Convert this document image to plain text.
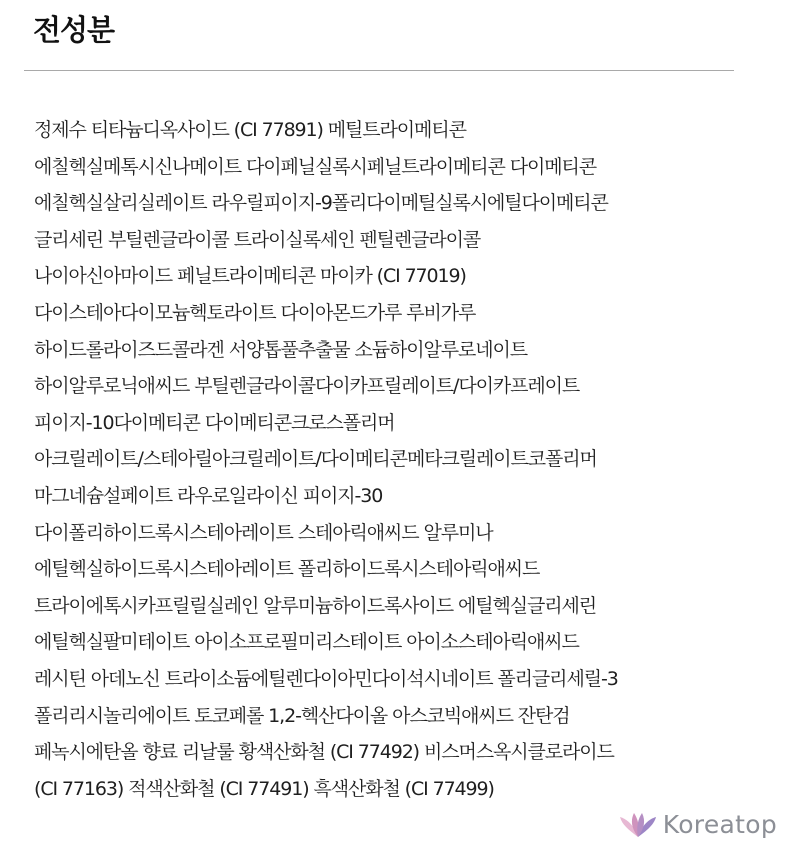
전성분
정제수 티타늄디옥사이드 (CI 77891) 메틸트라이메티콘
에칠헥실메톡시신나메이트 다이페닐실록시페닐트라이메티콘 다이메티콘
에칠헥실살리실레이트 라우릴피이지-9폴리다이메틸실록시에틸다이메티콘
글리세린 부틸렌글라이콜 트라이실록세인 펜틸렌글라이콜
나이아신아마이드 페닐트라이메티콘 마이카 (CI 77019)
다이스테아다이모늄헥토라이트 다이아몬드가루 루비가루
하이드롤라이즈드콜라겐 서양톱풀추출물 소듐하이알루로네이트
하이알루로닉애씨드 부틸렌글라이콜다이카프릴레이트/다이카프레이트
피이지-10다이메티콘 다이메티콘크로스폴리머
아크릴레이트/스테아릴아크릴레이트/다이메티콘메타크릴레이트코폴리머
마그네슘설페이트 라우로일라이신 피이지-30
다이폴리하이드록시스테아레이트 스테아릭애씨드 알루미나
에틸헥실하이드록시스테아레이트 폴리하이드록시스테아릭애씨드
트라이에톡시카프릴릴실레인 알루미늄하이드록사이드 에틸헥실글리세린
에틸헥실팔미테이트 아이소프로필미리스테이트 아이소스테아릭애씨드
레시틴 아데노신 트라이소듐에틸렌다이아민다이석시네이트 폴리글리세릴-3
폴리리시놀리에이트 토코페롤 1,2-헥산다이올 아스코빅애씨드 잔탄검
페녹시에탄올 향료 리날룰 황색산화철 (CI 77492) 비스머스옥시클로라이드
(CI 77163) 적색산화철 (CI 77491) 흑색산화철 (CI 77499)
Koreatop
